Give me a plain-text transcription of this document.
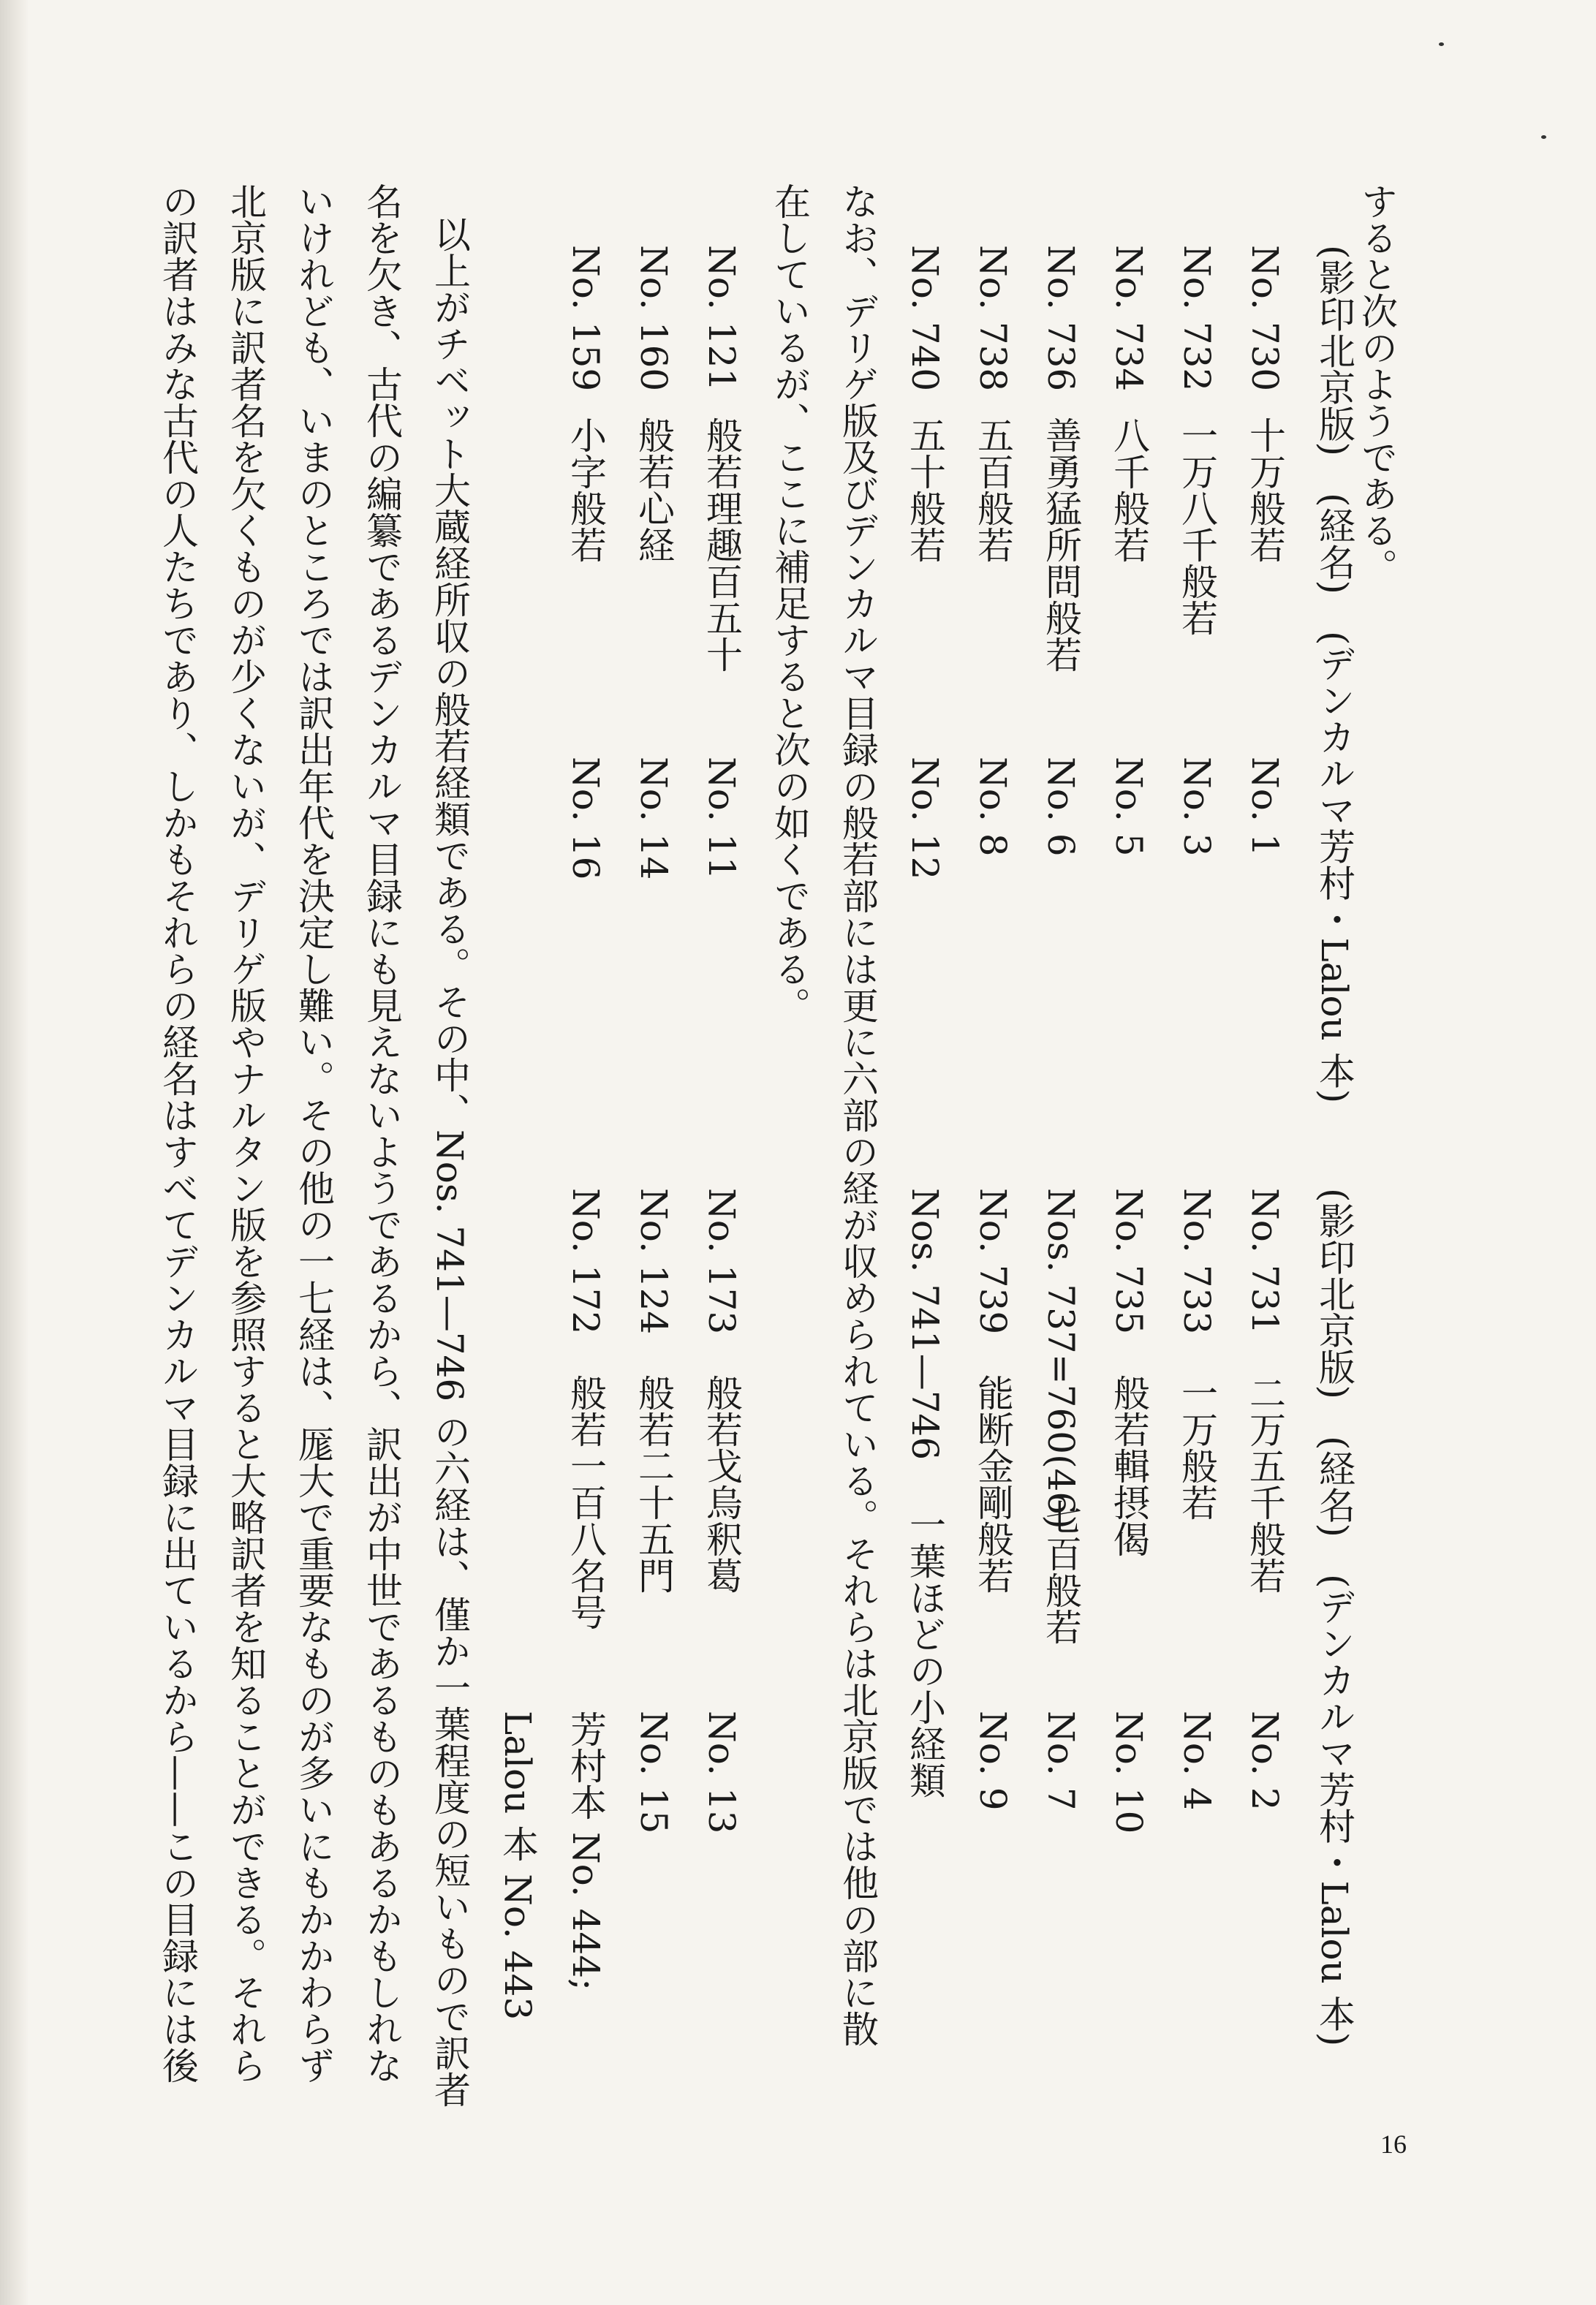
すると次のようである。
(影印北京版)　(経名)　(デンカルマ芳村・Lalou 本)
(影印北京版)　(経名)　(デンカルマ芳村・Lalou 本)
No. 730
十万般若
No. 1
No. 732
一万八千般若
No. 3
No. 734
八千般若
No. 5
No. 736
善勇猛所問般若
No. 6
No. 738
五百般若
No. 8
No. 740
五十般若
No. 12
No. 731
二万五千般若
No. 2
No. 733
一万般若
No. 4
No. 735
般若輯摂偈
No. 10
Nos. 737=760(46)
七百般若
No. 7
No. 739
能断金剛般若
No. 9
Nos. 741—746
一葉ほどの小経類
なお、デリゲ版及びデンカルマ目録の般若部には更に六部の経が収められている。それらは北京版では他の部に散
在しているが、ここに補足すると次の如くである。
No. 121
般若理趣百五十
No. 11
No. 160
般若心経
No. 14
No. 159
小字般若
No. 16
No. 173
般若戈烏釈葛
No. 13
No. 124
般若二十五門
No. 15
No. 172
般若一百八名号
芳村本 No. 444;
Lalou 本 No. 443
以上がチベット大蔵経所収の般若経類である。その中、Nos. 741—746 の六経は、僅か一葉程度の短いもので訳者
名を欠き、古代の編纂であるデンカルマ目録にも見えないようであるから、訳出が中世であるものもあるかもしれな
いけれども、いまのところでは訳出年代を決定し難い。その他の一七経は、厖大で重要なものが多いにもかかわらず
北京版に訳者名を欠くものが少くないが、デリゲ版やナルタン版を参照すると大略訳者を知ることができる。それら
の訳者はみな古代の人たちであり、しかもそれらの経名はすべてデンカルマ目録に出ているから——この目録には後
16
